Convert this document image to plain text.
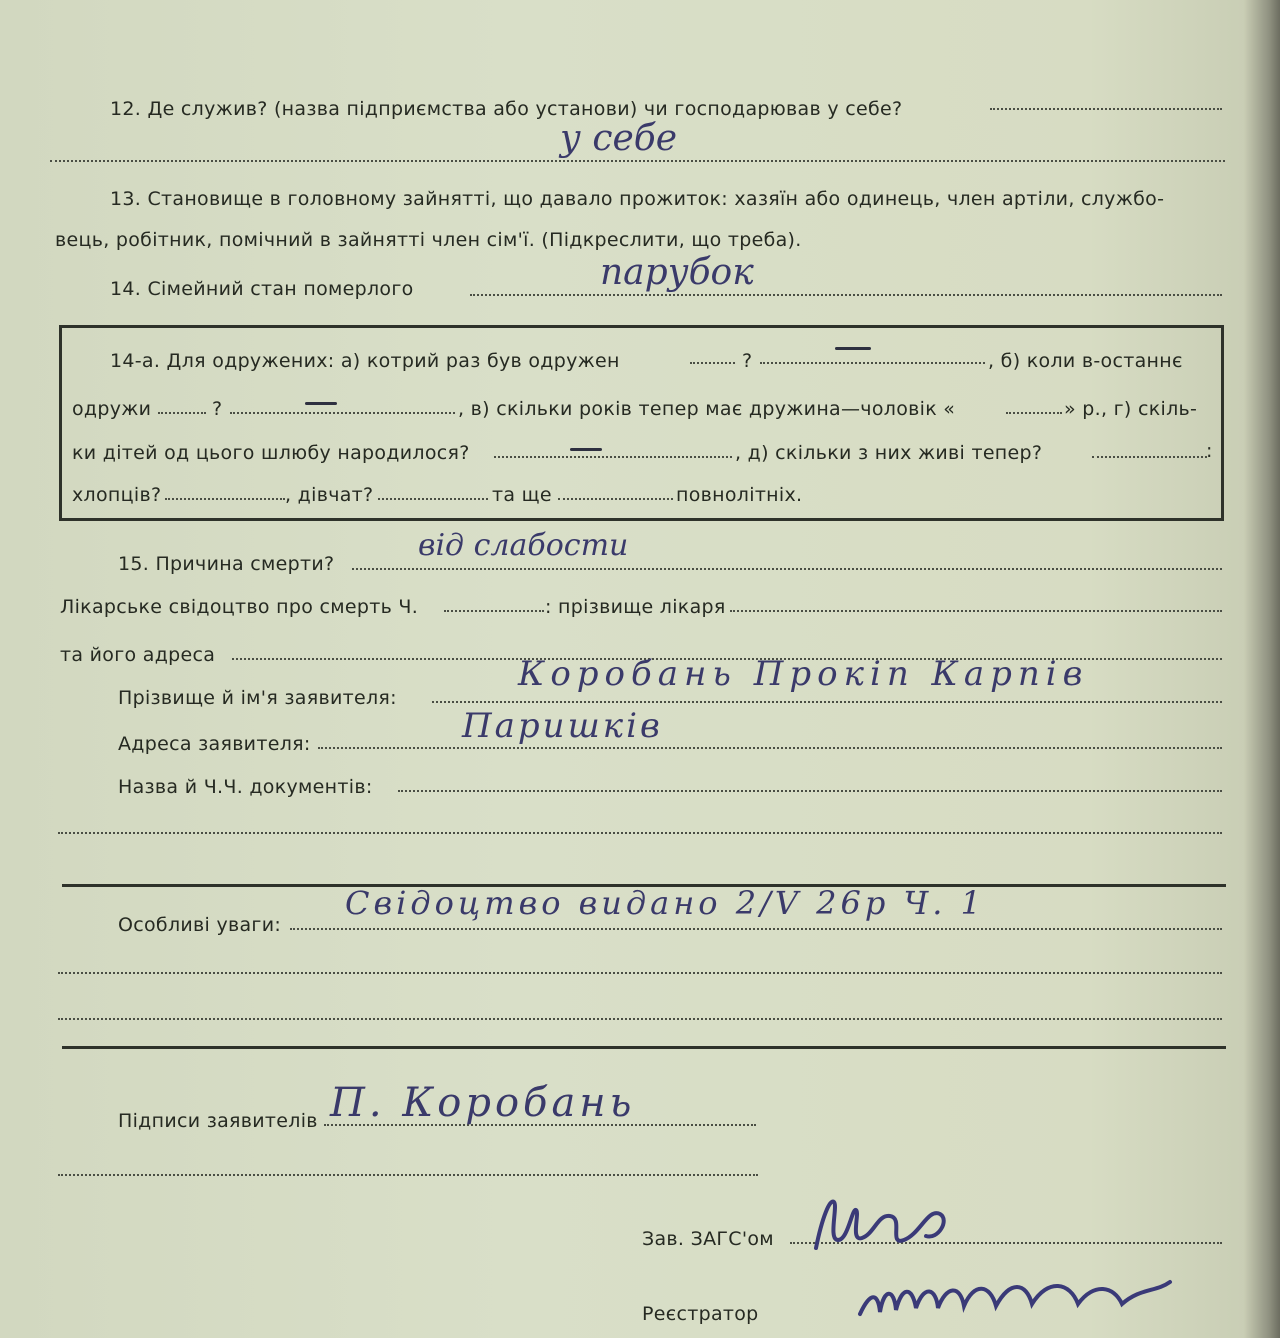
12. Де служив? (назва підприємства або установи) чи господарював у себе?
у себе
13. Становище в головному зайнятті, що давало прожиток: хазяїн або одинець, член артіли, службо-
вець, робітник, помічний в зайнятті член сім'ї. (Підкреслити, що треба).
14. Сімейний стан померлого	парубок
14-а. Для одружених: а) котрий раз був одружен	?	, б) коли в-останнє
одружи	?	, в) скільки років тепер має дружина—чоловік «	» р., г) скіль-
ки дітей од цього шлюбу народилося?	, д) скільки з них живі тепер?	:
хлопців?	, дівчат?	та ще	повнолітніх.
15. Причина смерти?
від слабости
Лікарське свідоцтво про смерть Ч.	: прізвище лікаря
та його адреса
Прізвище й ім'я заявителя:
Коробань Прокіп Карпів
Адреса заявителя:	Паришків
Назва й Ч.Ч. документів:
Особливі уваги:
Свідоцтво видано 2/V 26р Ч. 1
Підписи заявителів П. Коробань
Зав. ЗАГС'ом
Реєстратор
